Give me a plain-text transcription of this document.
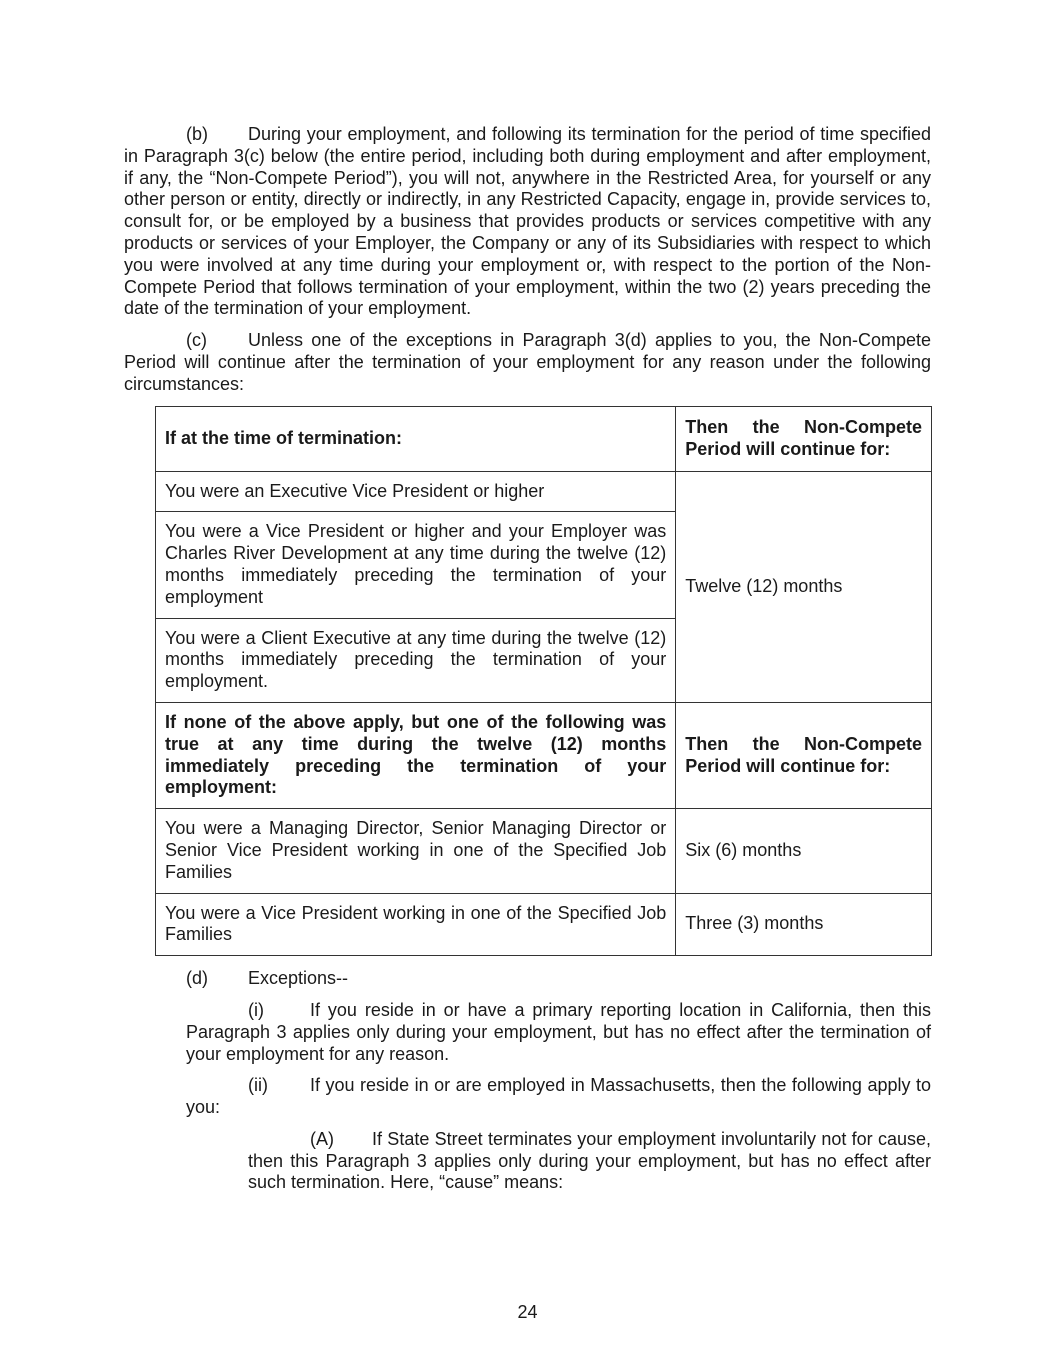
(b) During your employment, and following its termination for the period of time specified in Paragraph 3(c) below (the entire period, including both during employment and after employment, if any, the “Non-Compete Period”), you will not, anywhere in the Restricted Area, for yourself or any other person or entity, directly or indirectly, in any Restricted Capacity, engage in, provide services to, consult for, or be employed by a business that provides products or services competitive with any products or services of your Employer, the Company or any of its Subsidiaries with respect to which you were involved at any time during your employment or, with respect to the portion of the Non-Compete Period that follows termination of your employment, within the two (2) years preceding the date of the termination of your employment.

(c) Unless one of the exceptions in Paragraph 3(d) applies to you, the Non-Compete Period will continue after the termination of your employment for any reason under the following circumstances:

If at the time of termination:	Then the Non-Compete Period will continue for:
You were an Executive Vice President or higher	Twelve (12) months
You were a Vice President or higher and your Employer was Charles River Development at any time during the twelve (12) months immediately preceding the termination of your employment	
You were a Client Executive at any time during the twelve (12) months immediately preceding the termination of your employment.	
If none of the above apply, but one of the following was true at any time during the twelve (12) months immediately preceding the termination of your employment:	Then the Non-Compete Period will continue for:
You were a Managing Director, Senior Managing Director or Senior Vice President working in one of the Specified Job Families	Six (6) months
You were a Vice President working in one of the Specified Job Families	Three (3) months

(d) Exceptions--

(i)	If you reside in or have a primary reporting location in California, then this Paragraph 3 applies only during your employment, but has no effect after the termination of your employment for any reason.

(ii) If you reside in or are employed in Massachusetts, then the following apply to you:

(A) If State Street terminates your employment involuntarily not for cause, then this Paragraph 3 applies only during your employment, but has no effect after such termination. Here, “cause” means:

24
